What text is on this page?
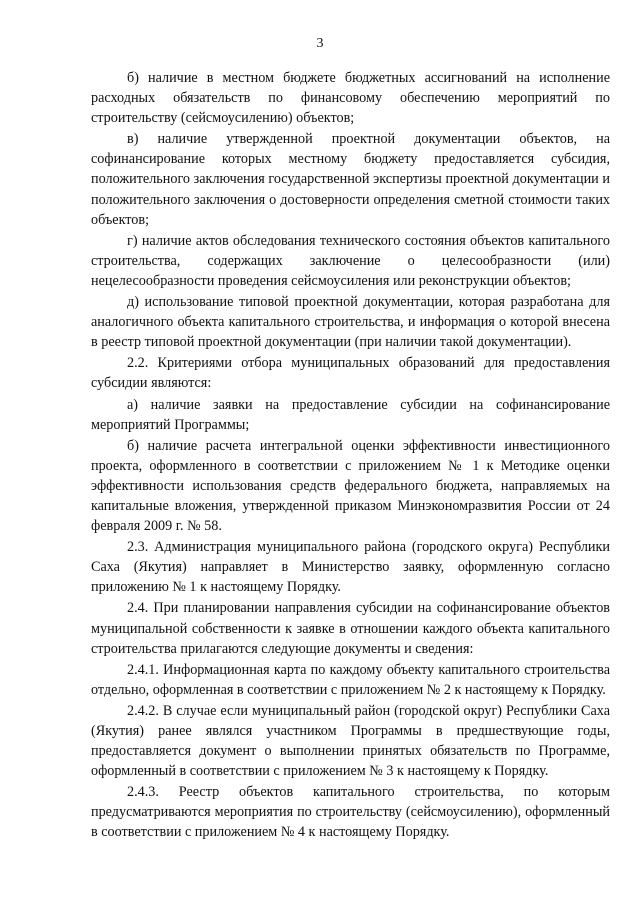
3

б) наличие в местном бюджете бюджетных ассигнований на исполнение расходных обязательств по финансовому обеспечению мероприятий по строительству (сейсмоусилению) объектов;

в) наличие утвержденной проектной документации объектов, на софинансирование которых местному бюджету предоставляется субсидия, положительного заключения государственной экспертизы проектной документации и положительного заключения о достоверности определения сметной стоимости таких объектов;

г) наличие актов обследования технического состояния объектов капитального строительства, содержащих заключение о целесообразности (или) нецелесообразности проведения сейсмоусиления или реконструкции объектов;

д) использование типовой проектной документации, которая разработана для аналогичного объекта капитального строительства, и информация о которой внесена в реестр типовой проектной документации (при наличии такой документации).

2.2. Критериями отбора муниципальных образований для предоставления субсидии являются:

а) наличие заявки на предоставление субсидии на софинансирование мероприятий Программы;

б) наличие расчета интегральной оценки эффективности инвестиционного проекта, оформленного в соответствии с приложением № 1 к Методике оценки эффективности использования средств федерального бюджета, направляемых на капитальные вложения, утвержденной приказом Минэкономразвития России от 24 февраля 2009 г. № 58.

2.3. Администрация муниципального района (городского округа) Республики Саха (Якутия) направляет в Министерство заявку, оформленную согласно приложению № 1 к настоящему Порядку.

2.4. При планировании направления субсидии на софинансирование объектов муниципальной собственности к заявке в отношении каждого объекта капитального строительства прилагаются следующие документы и сведения:

2.4.1. Информационная карта по каждому объекту капитального строительства отдельно, оформленная в соответствии с приложением № 2 к настоящему к Порядку.

2.4.2. В случае если муниципальный район (городской округ) Республики Саха (Якутия) ранее являлся участником Программы в предшествующие годы, предоставляется документ о выполнении принятых обязательств по Программе, оформленный в соответствии с приложением № 3 к настоящему к Порядку.

2.4.3. Реестр объектов капитального строительства, по которым предусматриваются мероприятия по строительству (сейсмоусилению), оформленный в соответствии с приложением № 4 к настоящему Порядку.
